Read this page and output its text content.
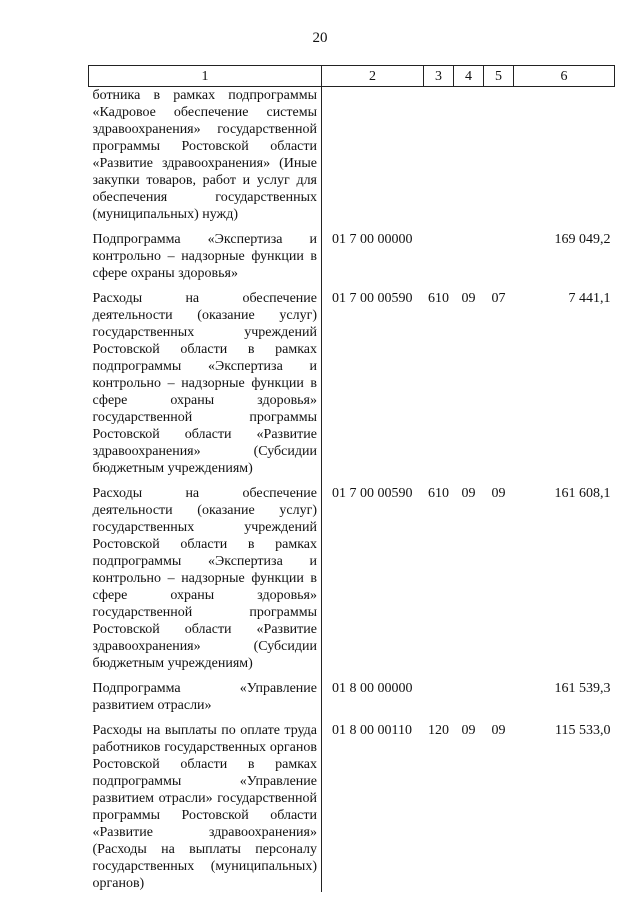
20
1	2	3	4	5	6
ботника в рамках подпрограммы «Кадровое обеспечение системы здравоохранения» государственной программы Ростовской области «Развитие здравоохранения» (Иные закупки товаров, работ и услуг для обеспечения государственных (муниципальных) нужд)					
Подпрограмма «Экспертиза и контрольно – надзорные функции в сфере охраны здоровья»	01 7 00 00000				169 049,2
Расходы на обеспечение деятельности (оказание услуг) государственных учреждений Ростовской области в рамках подпрограммы «Экспертиза и контрольно – надзорные функции в сфере охраны здоровья» государственной программы Ростовской области «Развитие здравоохранения» (Субсидии бюджетным учреждениям)	01 7 00 00590	610	09	07	7 441,1
Расходы на обеспечение деятельности (оказание услуг) государственных учреждений Ростовской области в рамках подпрограммы «Экспертиза и контрольно – надзорные функции в сфере охраны здоровья» государственной программы Ростовской области «Развитие здравоохранения» (Субсидии бюджетным учреждениям)	01 7 00 00590	610	09	09	161 608,1
Подпрограмма «Управление развитием отрасли»	01 8 00 00000				161 539,3
Расходы на выплаты по оплате труда работников государственных органов Ростовской области в рамках подпрограммы «Управление развитием отрасли» государственной программы Ростовской области «Развитие здравоохранения» (Расходы на выплаты персоналу государственных (муниципальных) органов)	01 8 00 00110	120	09	09	115 533,0
